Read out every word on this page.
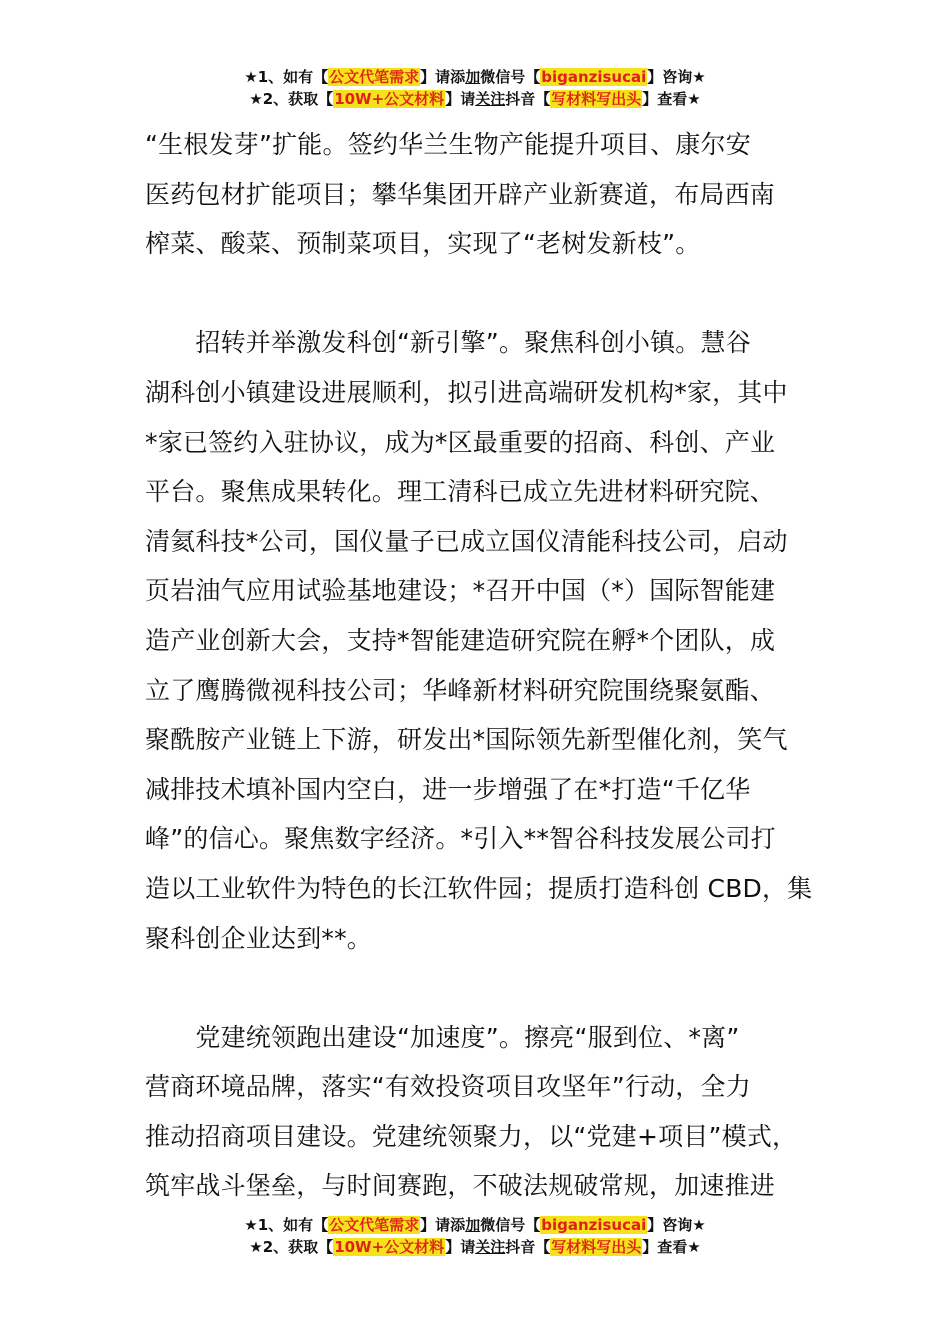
★1、如有【公文代笔需求】请添加微信号【biganzisucai】咨询★
★2、获取【10W+公文材料】请关注抖音【写材料写出头】查看★

“生根发芽”扩能。签约华兰生物产能提升项目、康尔安
医药包材扩能项目；攀华集团开辟产业新赛道，布局西南
榨菜、酸菜、预制菜项目，实现了“老树发新枝”。

　　招转并举激发科创“新引擎”。聚焦科创小镇。慧谷
湖科创小镇建设进展顺利，拟引进高端研发机构*家，其中
*家已签约入驻协议，成为*区最重要的招商、科创、产业
平台。聚焦成果转化。理工清科已成立先进材料研究院、
清氦科技*公司，国仪量子已成立国仪清能科技公司，启动
页岩油气应用试验基地建设；*召开中国（*）国际智能建
造产业创新大会，支持*智能建造研究院在孵*个团队，成
立了鹰腾微视科技公司；华峰新材料研究院围绕聚氨酯、
聚酰胺产业链上下游，研发出*国际领先新型催化剂，笑气
减排技术填补国内空白，进一步增强了在*打造“千亿华
峰”的信心。聚焦数字经济。*引入**智谷科技发展公司打
造以工业软件为特色的长江软件园；提质打造科创 CBD，集
聚科创企业达到**。

　　党建统领跑出建设“加速度”。擦亮“服到位、*离”
营商环境品牌，落实“有效投资项目攻坚年”行动，全力
推动招商项目建设。党建统领聚力，以“党建+项目”模式，
筑牢战斗堡垒，与时间赛跑，不破法规破常规，加速推进

★1、如有【公文代笔需求】请添加微信号【biganzisucai】咨询★
★2、获取【10W+公文材料】请关注抖音【写材料写出头】查看★
